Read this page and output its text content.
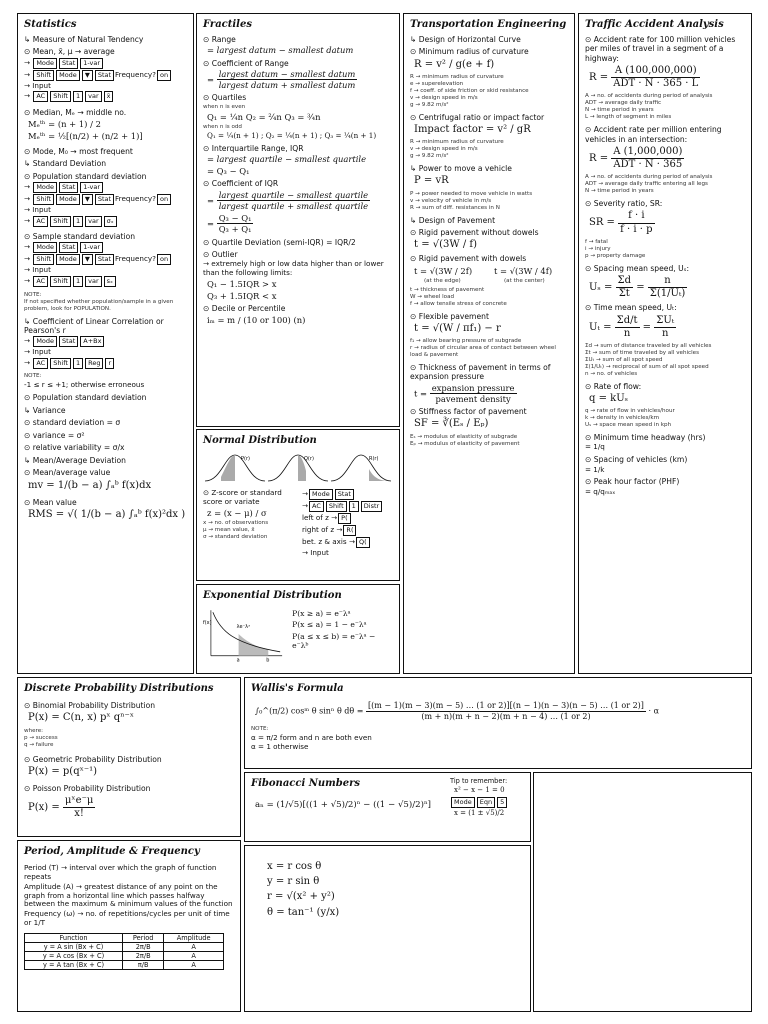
Statistics
↳ Measure of Natural Tendency
⊙ Mean, x̄, μ → average
→ Mode Stat 1-var
→ Shift Mode ▼ Stat Frequency? on
→ Input
→ AC Shift 1 var x̄
⊙ Median, Mₑ → middle no.
Mₑᵗʰ = (n + 1) / 2
Mₑᵗʰ = ½[(n/2) + (n/2 + 1)]
⊙ Mode, M₀ → most frequent
↳ Standard Deviation
⊙ Population standard deviation
→ Mode Stat 1-var
→ Shift Mode ▼ Stat Frequency? on
→ Input
→ AC Shift 1 var σₓ
⊙ Sample standard deviation
→ Mode Stat 1-var
→ Shift Mode ▼ Stat Frequency? on
→ Input
→ AC Shift 1 var sₓ
NOTE:
If not specified whether population/sample in a given problem, look for POPULATION.
↳ Coefficient of Linear Correlation or Pearson's r
→ Mode Stat A+Bx
→ Input
→ AC Shift 1 Reg r
NOTE:
-1 ≤ r ≤ +1; otherwise erroneous
⊙ Population standard deviation
↳ Variance
⊙ standard deviation = σ
⊙ variance = σ²
⊙ relative variability = σ/x
↳ Mean/Average Deviation
⊙ Mean/average value
mv = 1/(b − a) ∫ₐᵇ f(x)dx
⊙ Mean value
RMS = √( 1/(b − a) ∫ₐᵇ f(x)²dx )
Fractiles
⊙ Range
= largest datum − smallest datum
⊙ Coefficient of Range
= $\frac{\text{largest datum − smallest datum}}{\text{largest datum + smallest datum}}$
⊙ Quartiles
when n is even
Q₁ = ¼n Q₂ = ²⁄₄n Q₃ = ¾n
when n is odd
Q₁ = ¼(n + 1) ; Q₂ = ¼(n + 1) ; Q₃ = ¼(n + 1)
⊙ Interquartile Range, IQR
= largest quartile − smallest quartile
= Q₃ − Q₁
⊙ Coefficient of IQR
= $\frac{\text{largest quartile − smallest quartile}}{\text{largest quartile + smallest quartile}}$
= $\frac{\text{Q₃ − Q₁}}{\text{Q₃ + Q₁}}$
⊙ Quartile Deviation (semi-IQR) = IQR/2
⊙ Outlier
→ extremely high or low data higher than or lower than the following limits:
Q₁ − 1.5IQR > x
Q₃ + 1.5IQR < x
⊙ Decile or Percentile
iₘ = m / (10 or 100) (n)
Normal Distribution
P(r)	Q(r)	R(r)
⊙ Z-score or standard score or variate
z = (x − μ) / σ
x → no. of observations
μ → mean value, x̄
σ → standard deviation
→ Mode Stat
→ AC Shift 1 Distr
left of z → P(
right of z → R(
bet. z & axis → Q(
→ Input
Exponential Distribution
f(x)
λe⁻λˣ
a	b
P(x ≥ a) = e⁻λᵃ
P(x ≤ a) = 1 − e⁻λᵃ
P(a ≤ x ≤ b) = e⁻λᵃ − e⁻λᵇ
Transportation Engineering
↳ Design of Horizontal Curve
⊙ Minimum radius of curvature
R = v² / g(e + f)
R → minimum radius of curvature
e → superelevation
f → coeff. of side friction or skid resistance
v → design speed in m/s
g → 9.82 m/s²
⊙ Centrifugal ratio or impact factor
Impact factor = v² / gR
R → minimum radius of curvature
v → design speed in m/s
g → 9.82 m/s²
↳ Power to move a vehicle
P = vR
P → power needed to move vehicle in watts
v → velocity of vehicle in m/s
R → sum of diff. resistances in N
↳ Design of Pavement
⊙ Rigid pavement without dowels
t = √(3W / f)
⊙ Rigid pavement with dowels
t = √(3W / 2f)
(at the edge)
t = √(3W / 4f)
(at the center)
t → thickness of pavement
W → wheel load
f → allow tensile stress of concrete
⊙ Flexible pavement
t = √(W / πf₁) − r
f₁ → allow bearing pressure of subgrade
r → radius of circular area of contact between wheel load & pavement
⊙ Thickness of pavement in terms of expansion pressure
$t = \frac{\text{expansion pressure}}{\text{pavement density}}$
⊙ Stiffness factor of pavement
SF = ∛(Eₛ / Eₚ)
Eₛ → modulus of elasticity of subgrade
Eₚ → modulus of elasticity of pavement
Traffic Accident Analysis
⊙ Accident rate for 100 million vehicles per miles of travel in a segment of a highway:
$R = \frac{A (100,000,000)}{\text{ADT · N · 365 · L}}$
A → no. of accidents during period of analysis
ADT → average daily traffic
N → time period in years
L → length of segment in miles
⊙ Accident rate per million entering vehicles in an intersection:
$R = \frac{A (1,000,000)}{\text{ADT · N · 365}}$
A → no. of accidents during period of analysis
ADT → average daily traffic entering all legs
N → time period in years
⊙ Severity ratio, SR:
SR = $\frac{f \cdot i}{f \cdot i \cdot p}$
f → fatal
i → injury
p → property damage
⊙ Spacing mean speed, Uₛ:
$U_s = \frac{\Sigma d}{\Sigma t} = \frac{n}{\text{Σ(1/Uₜ)}}$
⊙ Time mean speed, Uₜ:
$U_t = \frac{\Sigma d/t}{n} = \frac{\text{ΣUₜ}}{n}$
Σd → sum of distance traveled by all vehicles
Σt → sum of time traveled by all vehicles
ΣUₜ → sum of all spot speed
Σ(1/Uₜ) → reciprocal of sum of all spot speed
n → no. of vehicles
⊙ Rate of flow:
q = kUₛ
q → rate of flow in vehicles/hour
k → density in vehicles/km
Uₛ → space mean speed in kph
⊙ Minimum time headway (hrs)
= 1/q
⊙ Spacing of vehicles (km)
= 1/k
⊙ Peak hour factor (PHF)
= q/qₘₐₓ
Discrete Probability Distributions
⊙ Binomial Probability Distribution
P(x) = C(n, x) pˣ qⁿ⁻ˣ
where:
p → success
q → failure
⊙ Geometric Probability Distribution
P(x) = p(qˣ⁻¹)
⊙ Poisson Probability Distribution
$P(x) = \frac{\text{μˣe⁻μ}}{x!}$
Period, Amplitude & Frequency
Period (T) → interval over which the graph of function repeats
Amplitude (A) → greatest distance of any point on the graph from a horizontal line which passes halfway between the maximum & minimum values of the function
Frequency (ω) → no. of repetitions/cycles per unit of time or 1/T
Function	Period	Amplitude
y = A sin (Bx + C)	2π/B	A
y = A cos (Bx + C)	2π/B	A
y = A tan (Bx + C)	π/B	A
Wallis's Formula
∫₀^(π/2) cosᵐ θ sinⁿ θ dθ =
[(m − 1)(m − 3)(m − 5) … (1 or 2)][(n − 1)(n − 3)(n − 5) … (1 or 2)]
(m + n)(m + n − 2)(m + n − 4) … (1 or 2)
· α
NOTE:
α = π/2 form and n are both even
α = 1 otherwise
Fibonacci Numbers
aₙ = (1/√5)[((1 + √5)/2)ⁿ − ((1 − √5)/2)ⁿ]
Tip to remember:
x² − x − 1 = 0
Mode Eqn 5
x = (1 ± √5)/2
x = r cos θ
y = r sin θ
r = √(x² + y²)
θ = tan⁻¹ (y/x)
